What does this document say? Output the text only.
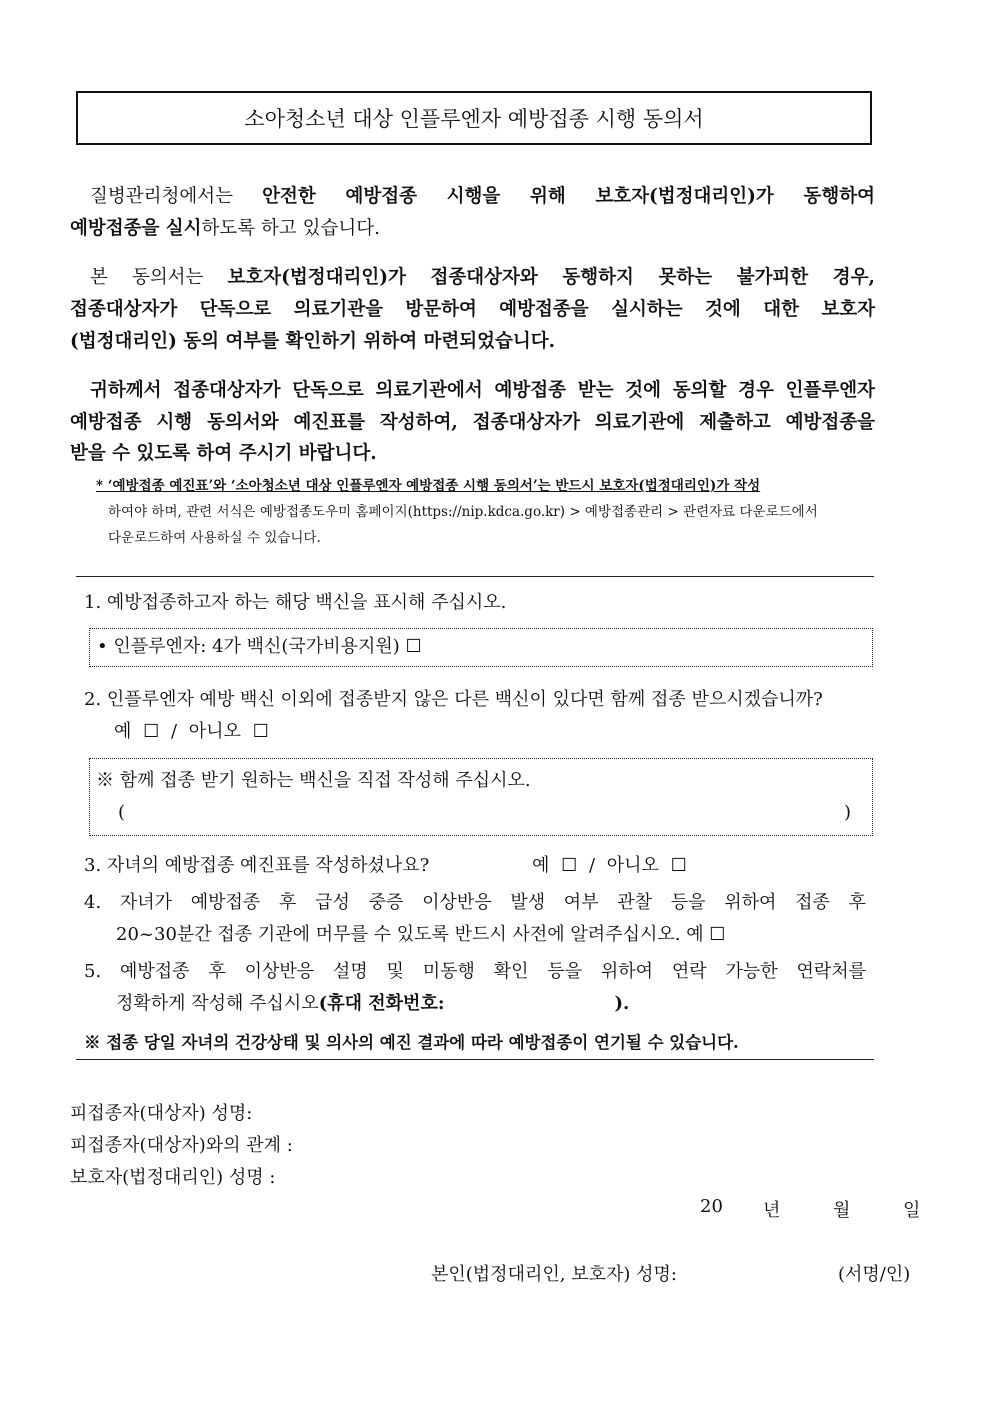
소아청소년 대상 인플루엔자 예방접종 시행 동의서
질병관리청에서는 안전한 예방접종 시행을 위해 보호자(법정대리인)가 동행하여
예방접종을 실시하도록 하고 있습니다.
본 동의서는 보호자(법정대리인)가 접종대상자와 동행하지 못하는 불가피한 경우,
접종대상자가 단독으로 의료기관을 방문하여 예방접종을 실시하는 것에 대한 보호자
(법정대리인) 동의 여부를 확인하기 위하여 마련되었습니다.
귀하께서 접종대상자가 단독으로 의료기관에서 예방접종 받는 것에 동의할 경우 인플루엔자
예방접종 시행 동의서와 예진표를 작성하여, 접종대상자가 의료기관에 제출하고 예방접종을
받을 수 있도록 하여 주시기 바랍니다.
* ‘예방접종 예진표’와 ‘소아청소년 대상 인플루엔자 예방접종 시행 동의서’는 반드시 보호자(법정대리인)가 작성
하여야 하며, 관련 서식은 예방접종도우미 홈페이지(https://nip.kdca.go.kr) > 예방접종관리 > 관련자료 다운로드에서
다운로드하여 사용하실 수 있습니다.
1. 예방접종하고자 하는 해당 백신을 표시해 주십시오.
• 인플루엔자: 4가 백신(국가비용지원) ☐
2. 인플루엔자 예방 백신 이외에 접종받지 않은 다른 백신이 있다면 함께 접종 받으시겠습니까?
예 ☐ / 아니오 ☐
※ 함께 접종 받기 원하는 백신을 직접 작성해 주십시오.
(	)
3. 자녀의 예방접종 예진표를 작성하셨나요?	예 ☐ / 아니오 ☐
4. 자녀가 예방접종 후 급성 중증 이상반응 발생 여부 관찰 등을 위하여 접종 후
20~30분간 접종 기관에 머무를 수 있도록 반드시 사전에 알려주십시오. 예 ☐
5. 예방접종 후 이상반응 설명 및 미동행 확인 등을 위하여 연락 가능한 연락처를
정확하게 작성해 주십시오(휴대 전화번호:	).
※ 접종 당일 자녀의 건강상태 및 의사의 예진 결과에 따라 예방접종이 연기될 수 있습니다.
피접종자(대상자) 성명:
피접종자(대상자)와의 관계 :
보호자(법정대리인) 성명 :
20 년	월	일
본인(법정대리인, 보호자) 성명:	(서명/인)
